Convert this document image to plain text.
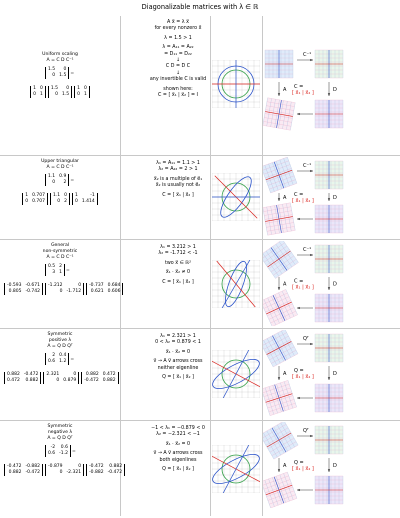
Diagonalizable matrices with λ ∈ ℝ
Uniform scaling
A = C D C⁻¹
1.5	0
0	1.5 =
1	0
0	1
1.5	0
0	1.5
1	0
0	1
A x⃗ = λ x⃗
for every nonzero x⃗
λ = 1.5 > 1
λ = A₁₁ = A₂₂
= D₁₁ = D₂₂
↓
C D = D C
↓
any invertible C is valid
shown here:
C = [ x⃗₁ | x⃗₂ ] = I
C⁻¹
A	D
C =
[ x⃗₁ | x⃗₂ ]
Upper triangular
A = C D C⁻¹
1.1	0.9
0	2 =
1	0.707
0	0.707
1.1	0
0	2
1	-1
0	1.414
λ₁ = A₁₁ = 1.1 > 1
λ₂ = A₂₂ = 2 > 1
x⃗₂ is a multiple of e⃗₁
x⃗₂ is usually not e⃗₂
C = [ x⃗₁ | x⃗₂ ]
C⁻¹
A	D
C =
[ x⃗₁ | x⃗₂ ]
General
non-symmetric
A = C D C⁻¹
0.5	2
3	1 =
-0.593	-0.671
0.805	-0.742
-1.212	0
0	-1.712
-0.737	0.684
0.621	0.606
λ₁ = 3.212 > 1
λ₂ = -1.712 < -1
two x⃗ ∈ ℝ²
x⃗₁ · x⃗₂ ≠ 0
C = [ x⃗₁ | x⃗₂ ]
C⁻¹
A	D
C =
[ x⃗₁ | x⃗₂ ]
Symmetric
positive λ
A = Q D Qᵀ
2	0.4
0.6	1.2 =
0.882	-0.472
0.472	0.882
2.321	0
0	0.879
0.882	0.472
-0.472	0.882
λ₁ = 2.321 > 1
0 < λ₂ = 0.879 < 1
x⃗₁ · x⃗₂ = 0
v⃗ → A v⃗ arrows cross
neither eigenline
Q = [ x⃗₁ | x⃗₂ ]
Qᵀ
A	D
Q =
[ x⃗₁ | x⃗₂ ]
Symmetric
negative λ
A = Q D Qᵀ
-2	0.6
0.6	-1.2 =
-0.472	-0.882
0.882	-0.472
-0.879	0
0	-2.321
-0.472	0.882
-0.882	-0.472
−1 < λ₁ = −0.879 < 0
λ₂ = −2.321 < −1
x⃗₁ · x⃗₂ = 0
v⃗ → A v⃗ arrows cross
both eigenlines
Q = [ x⃗₁ | x⃗₂ ]
Qᵀ
A	D
Q =
[ x⃗₁ | x⃗₂ ]
